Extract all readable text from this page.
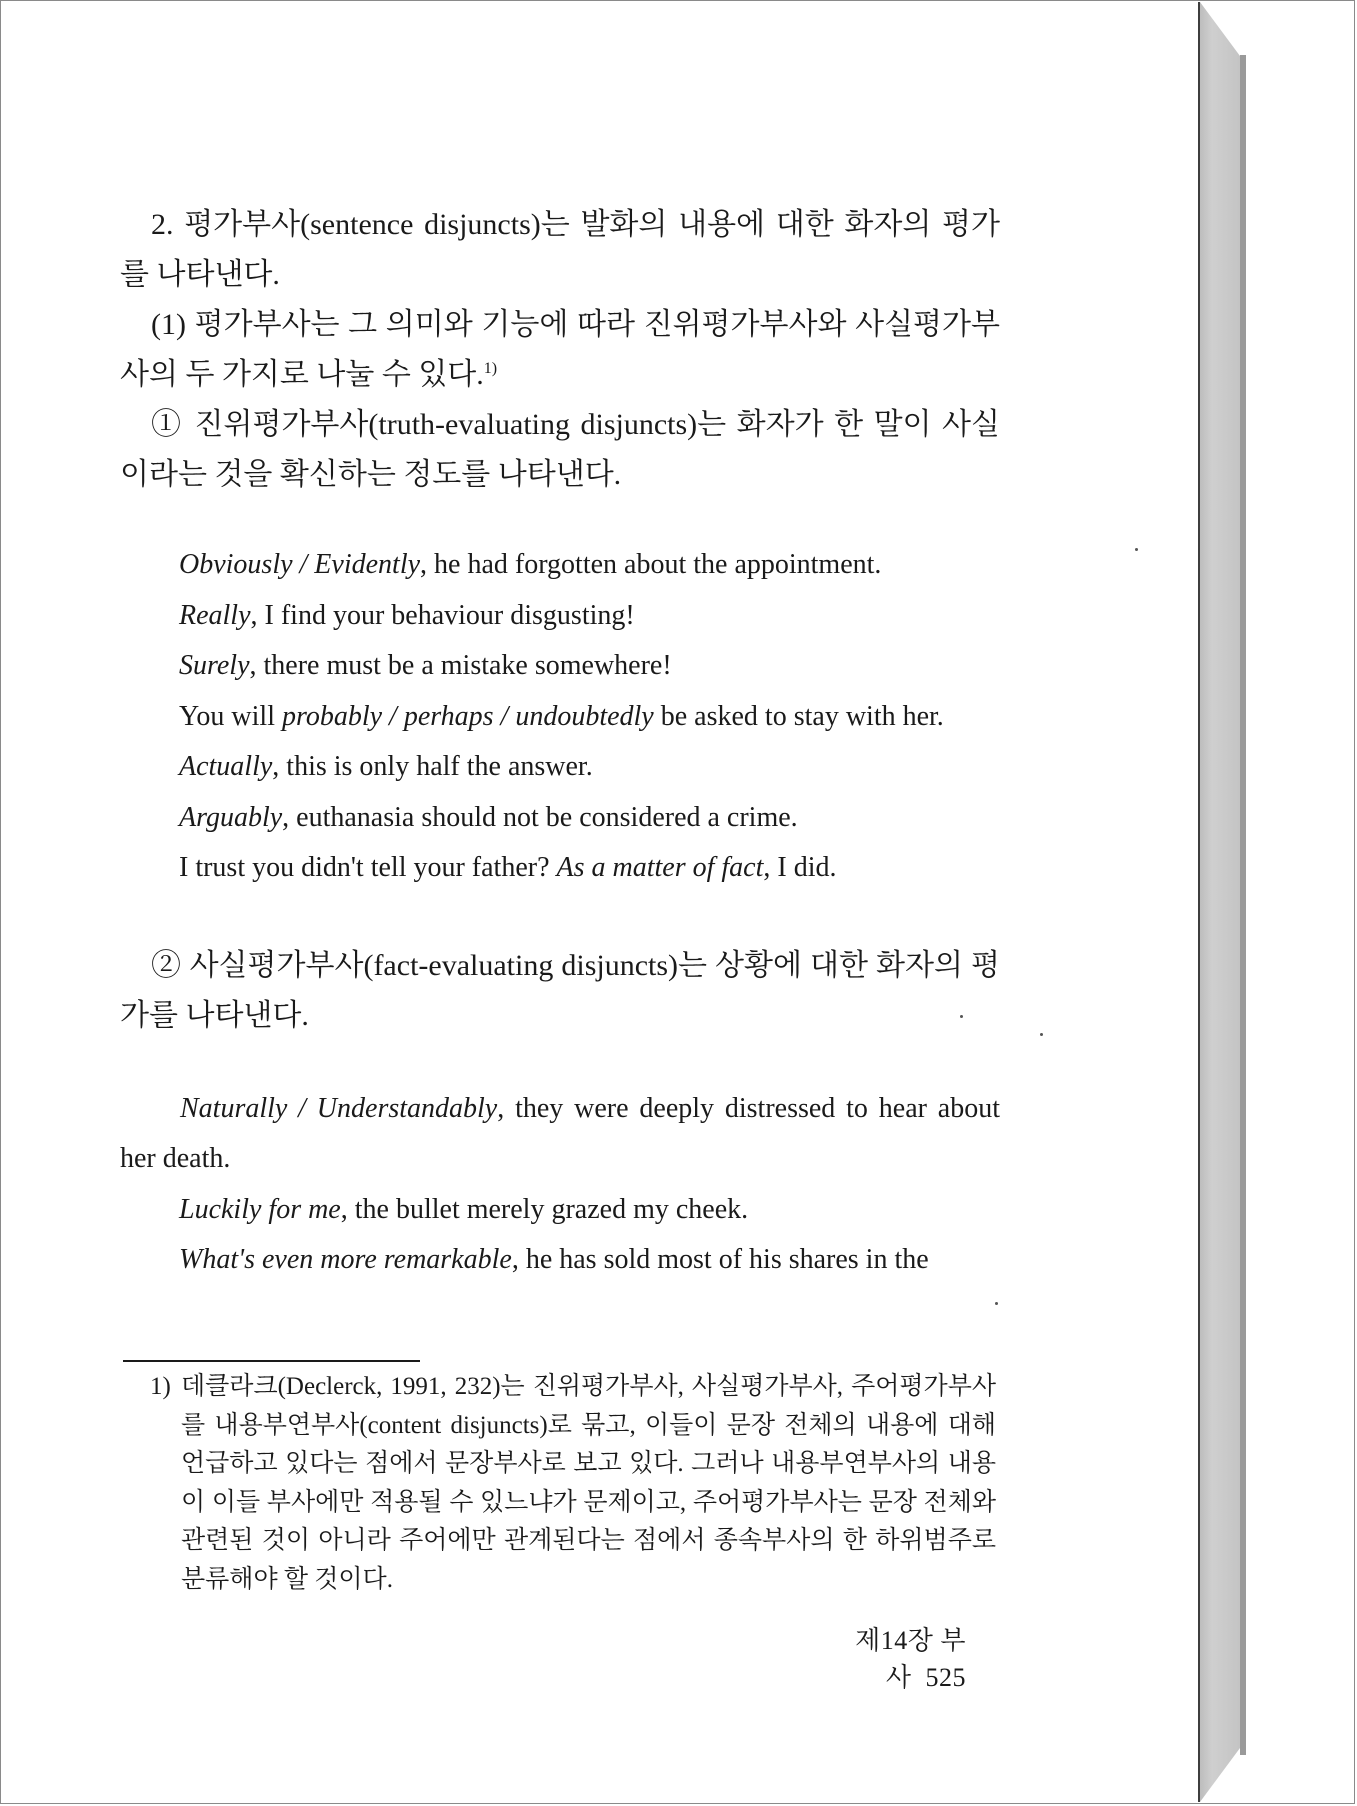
2. 평가부사(sentence disjuncts)는 발화의 내용에 대한 화자의 평가를 나타낸다.

(1) 평가부사는 그 의미와 기능에 따라 진위평가부사와 사실평가부사의 두 가지로 나눌 수 있다.$^{1)}$

① 진위평가부사(truth-evaluating disjuncts)는 화자가 한 말이 사실이라는 것을 확신하는 정도를 나타낸다.

Obviously / Evidently, he had forgotten about the appointment.
Really, I find your behaviour disgusting!
Surely, there must be a mistake somewhere!
You will probably / perhaps / undoubtedly be asked to stay with her.
Actually, this is only half the answer.
Arguably, euthanasia should not be considered a crime.
I trust you didn't tell your father? As a matter of fact, I did.

② 사실평가부사(fact-evaluating disjuncts)는 상황에 대한 화자의 평가를 나타낸다.

Naturally / Understandably, they were deeply distressed to hear about her death.
Luckily for me, the bullet merely grazed my cheek.
What's even more remarkable, he has sold most of his shares in the
1) 데클라크(Declerck, 1991, 232)는 진위평가부사, 사실평가부사, 주어평가부사를 내용부연부사(content disjuncts)로 묶고, 이들이 문장 전체의 내용에 대해 언급하고 있다는 점에서 문장부사로 보고 있다. 그러나 내용부연부사의 내용이 이들 부사에만 적용될 수 있느냐가 문제이고, 주어평가부사는 문장 전체와 관련된 것이 아니라 주어에만 관계된다는 점에서 종속부사의 한 하위범주로 분류해야 할 것이다.
제14장 부사 525
